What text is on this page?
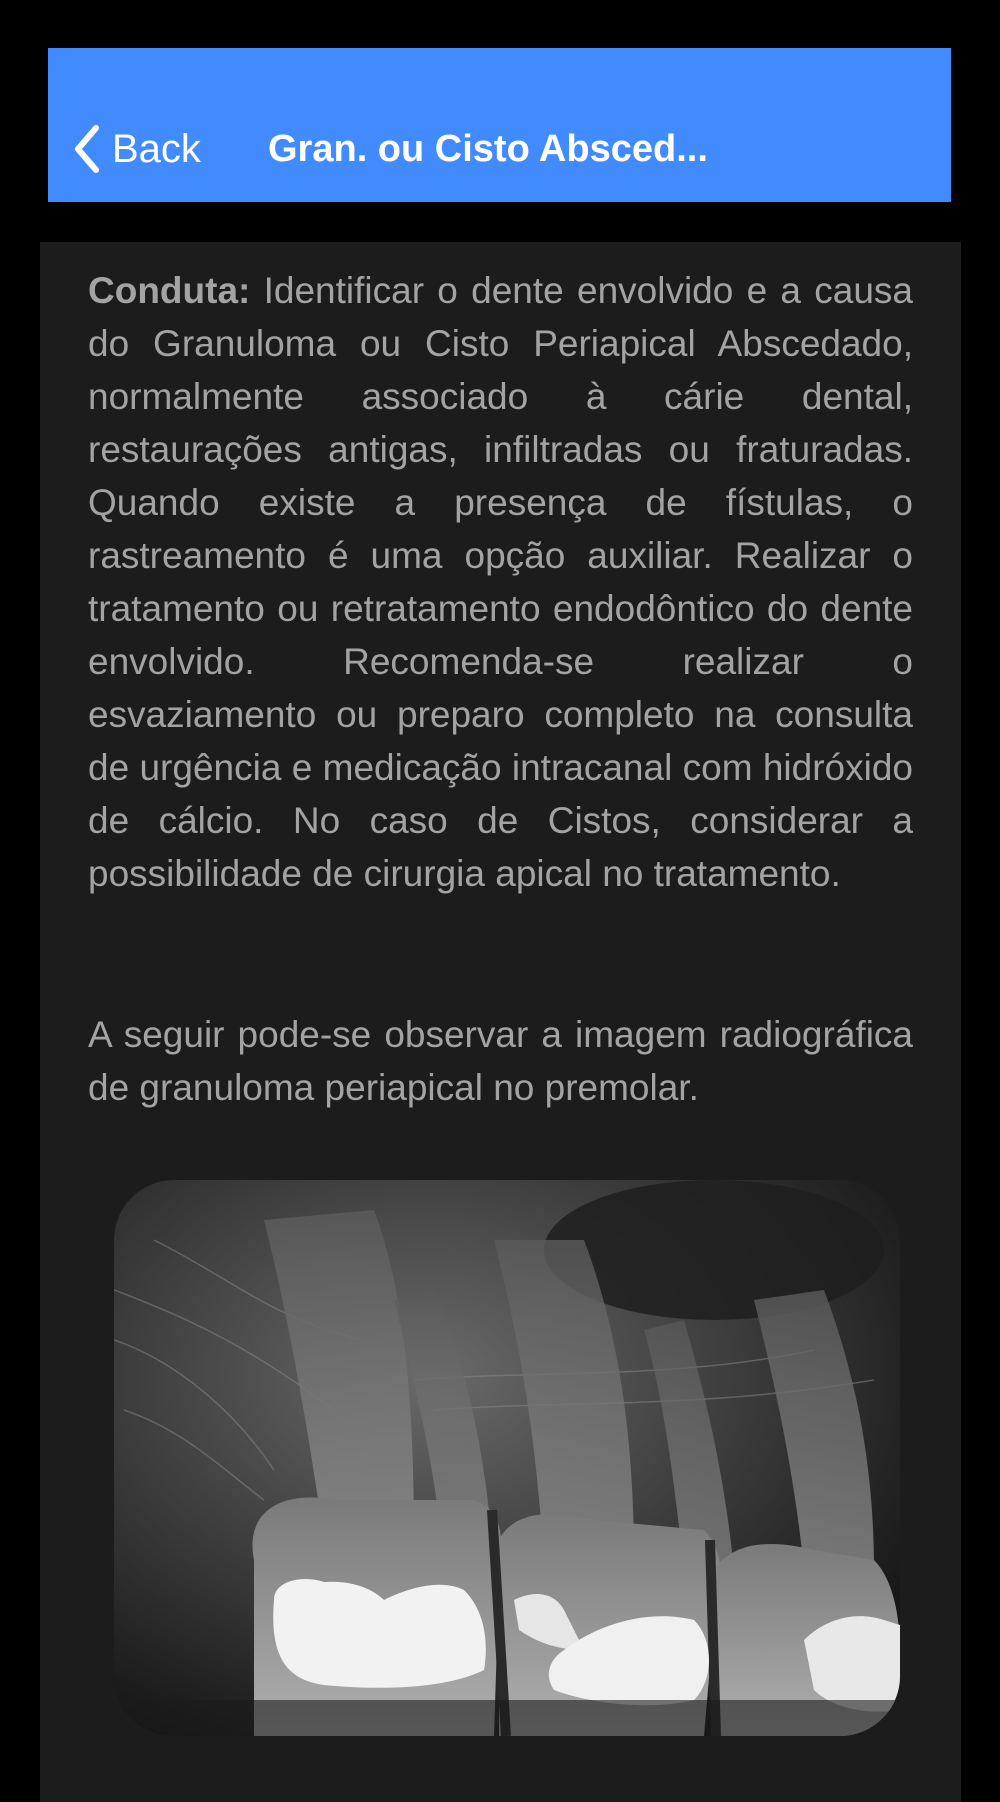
Back Gran. ou Cisto Absced...

Conduta: Identificar o dente envolvido e a causa do Granuloma ou Cisto Periapical Abscedado, normalmente associado à cárie dental, restaurações antigas, infiltradas ou fraturadas. Quando existe a presença de fístulas, o rastreamento é uma opção auxiliar. Realizar o tratamento ou retratamento endodôntico do dente envolvido. Recomenda-se realizar o esvaziamento ou preparo completo na consulta de urgência e medicação intracanal com hidróxido de cálcio. No caso de Cistos, considerar a possibilidade de cirurgia apical no tratamento.

A seguir pode-se observar a imagem radiográfica de granuloma periapical no premolar.
